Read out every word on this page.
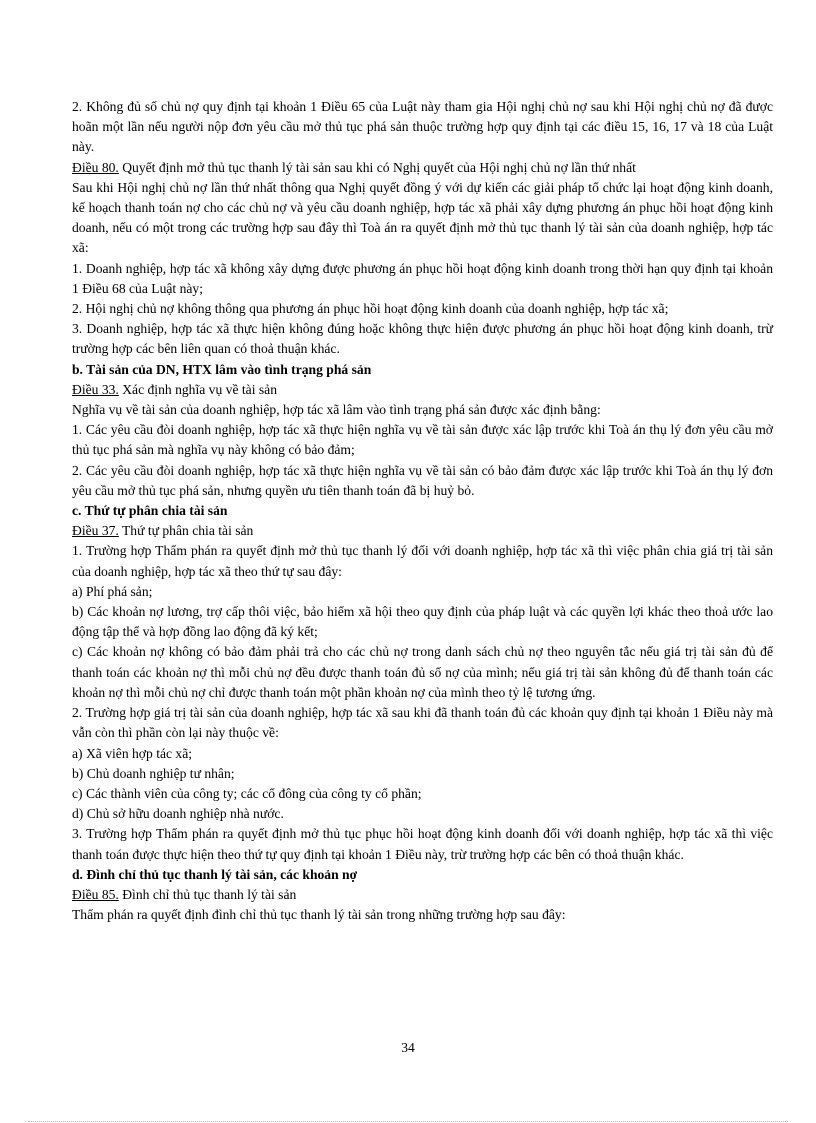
2. Không đủ số chủ nợ quy định tại khoản 1 Điều 65 của Luật này tham gia Hội nghị chủ nợ sau khi Hội nghị chủ nợ đã được hoãn một lần nếu người nộp đơn yêu cầu mở thủ tục phá sản thuộc trường hợp quy định tại các điều 15, 16, 17 và 18 của Luật này.

Điều 80. Quyết định mở thủ tục thanh lý tài sản sau khi có Nghị quyết của Hội nghị chủ nợ lần thứ nhất

Sau khi Hội nghị chủ nợ lần thứ nhất thông qua Nghị quyết đồng ý với dự kiến các giải pháp tổ chức lại hoạt động kinh doanh, kế hoạch thanh toán nợ cho các chủ nợ và yêu cầu doanh nghiệp, hợp tác xã phải xây dựng phương án phục hồi hoạt động kinh doanh, nếu có một trong các trường hợp sau đây thì Toà án ra quyết định mở thủ tục thanh lý tài sản của doanh nghiệp, hợp tác xã:

1. Doanh nghiệp, hợp tác xã không xây dựng được phương án phục hồi hoạt động kinh doanh trong thời hạn quy định tại khoản 1 Điều 68 của Luật này;

2. Hội nghị chủ nợ không thông qua phương án phục hồi hoạt động kinh doanh của doanh nghiệp, hợp tác xã;

3. Doanh nghiệp, hợp tác xã thực hiện không đúng hoặc không thực hiện được phương án phục hồi hoạt động kinh doanh, trừ trường hợp các bên liên quan có thoả thuận khác.

b. Tài sản của DN, HTX lâm vào tình trạng phá sản

Điều 33. Xác định nghĩa vụ về tài sản

Nghĩa vụ về tài sản của doanh nghiệp, hợp tác xã lâm vào tình trạng phá sản được xác định bằng:

1. Các yêu cầu đòi doanh nghiệp, hợp tác xã thực hiện nghĩa vụ về tài sản được xác lập trước khi Toà án thụ lý đơn yêu cầu mở thủ tục phá sản mà nghĩa vụ này không có bảo đảm;

2. Các yêu cầu đòi doanh nghiệp, hợp tác xã thực hiện nghĩa vụ về tài sản có bảo đảm được xác lập trước khi Toà án thụ lý đơn yêu cầu mở thủ tục phá sản, nhưng quyền ưu tiên thanh toán đã bị huỷ bỏ.

c. Thứ tự phân chia tài sản

Điều 37. Thứ tự phân chia tài sản

1. Trường hợp Thẩm phán ra quyết định mở thủ tục thanh lý đối với doanh nghiệp, hợp tác xã thì việc phân chia giá trị tài sản của doanh nghiệp, hợp tác xã theo thứ tự sau đây:

a) Phí phá sản;

b) Các khoản nợ lương, trợ cấp thôi việc, bảo hiểm xã hội theo quy định của pháp luật và các quyền lợi khác theo thoả ước lao động tập thể và hợp đồng lao động đã ký kết;

c) Các khoản nợ không có bảo đảm phải trả cho các chủ nợ trong danh sách chủ nợ theo nguyên tắc nếu giá trị tài sản đủ để thanh toán các khoản nợ thì mỗi chủ nợ đều được thanh toán đủ số nợ của mình; nếu giá trị tài sản không đủ để thanh toán các khoản nợ thì mỗi chủ nợ chỉ được thanh toán một phần khoản nợ của mình theo tỷ lệ tương ứng.

2. Trường hợp giá trị tài sản của doanh nghiệp, hợp tác xã sau khi đã thanh toán đủ các khoản quy định tại khoản 1 Điều này mà vẫn còn thì phần còn lại này thuộc về:

a) Xã viên hợp tác xã;

b) Chủ doanh nghiệp tư nhân;

c) Các thành viên của công ty; các cổ đông của công ty cổ phần;

d) Chủ sở hữu doanh nghiệp nhà nước.

3. Trường hợp Thẩm phán ra quyết định mở thủ tục phục hồi hoạt động kinh doanh đối với doanh nghiệp, hợp tác xã thì việc thanh toán được thực hiện theo thứ tự quy định tại khoản 1 Điều này, trừ trường hợp các bên có thoả thuận khác.

d. Đình chỉ thủ tục thanh lý tài sản, các khoản nợ

Điều 85. Đình chỉ thủ tục thanh lý tài sản

Thẩm phán ra quyết định đình chỉ thủ tục thanh lý tài sản trong những trường hợp sau đây:

34
